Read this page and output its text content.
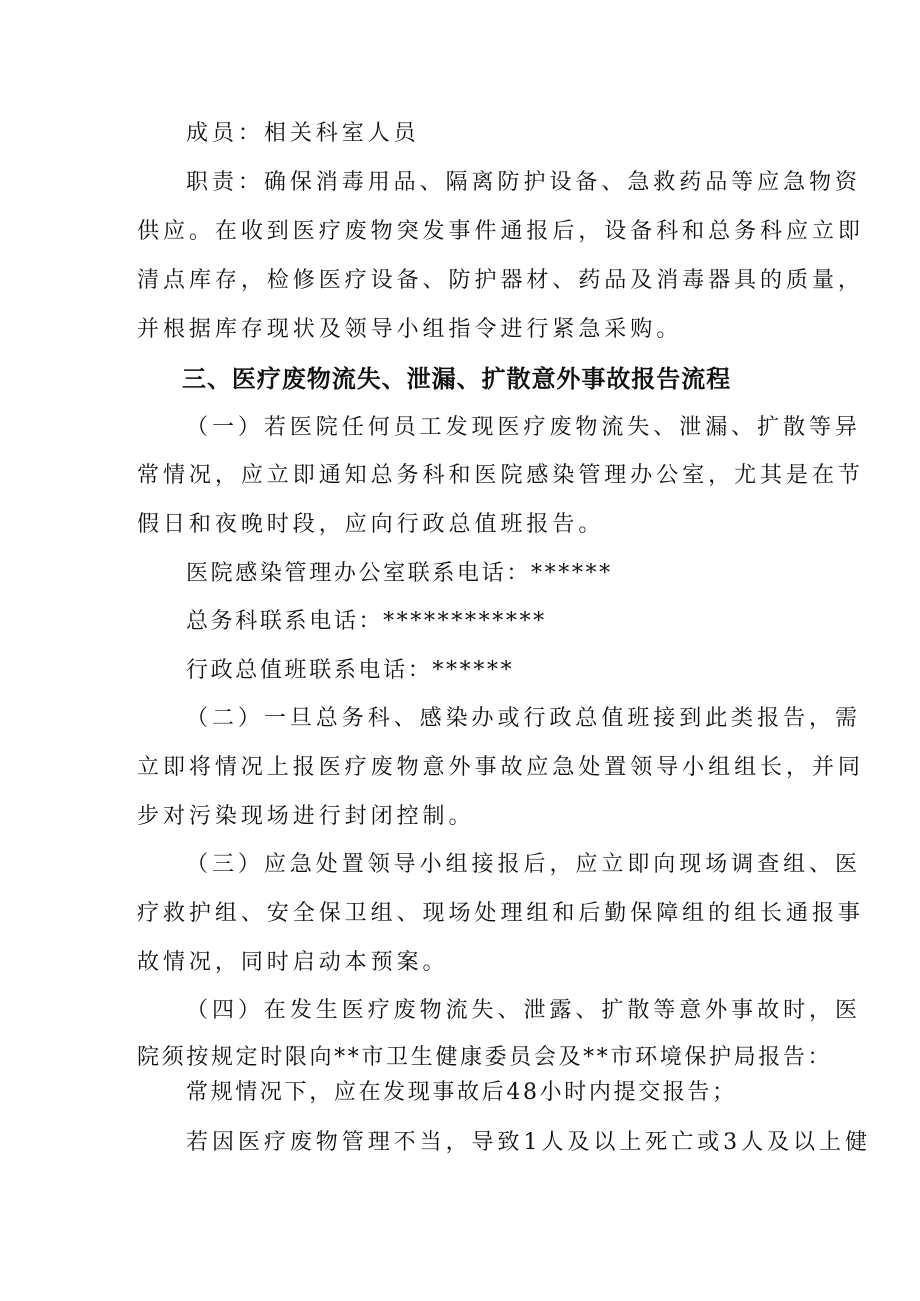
成员：相关科室人员
职责：确保消毒用品、隔离防护设备、急救药品等应急物资
供应。在收到医疗废物突发事件通报后，设备科和总务科应立即
清点库存，检修医疗设备、防护器材、药品及消毒器具的质量，
并根据库存现状及领导小组指令进行紧急采购。
三、医疗废物流失、泄漏、扩散意外事故报告流程
（一）若医院任何员工发现医疗废物流失、泄漏、扩散等异
常情况，应立即通知总务科和医院感染管理办公室，尤其是在节
假日和夜晚时段，应向行政总值班报告。
医院感染管理办公室联系电话：******
总务科联系电话：************
行政总值班联系电话：******
（二）一旦总务科、感染办或行政总值班接到此类报告，需
立即将情况上报医疗废物意外事故应急处置领导小组组长，并同
步对污染现场进行封闭控制。
（三）应急处置领导小组接报后，应立即向现场调查组、医
疗救护组、安全保卫组、现场处理组和后勤保障组的组长通报事
故情况，同时启动本预案。
（四）在发生医疗废物流失、泄露、扩散等意外事故时，医
院须按规定时限向**市卫生健康委员会及**市环境保护局报告：
常规情况下，应在发现事故后48小时内提交报告；
若因医疗废物管理不当，导致1人及以上死亡或3人及以上健
